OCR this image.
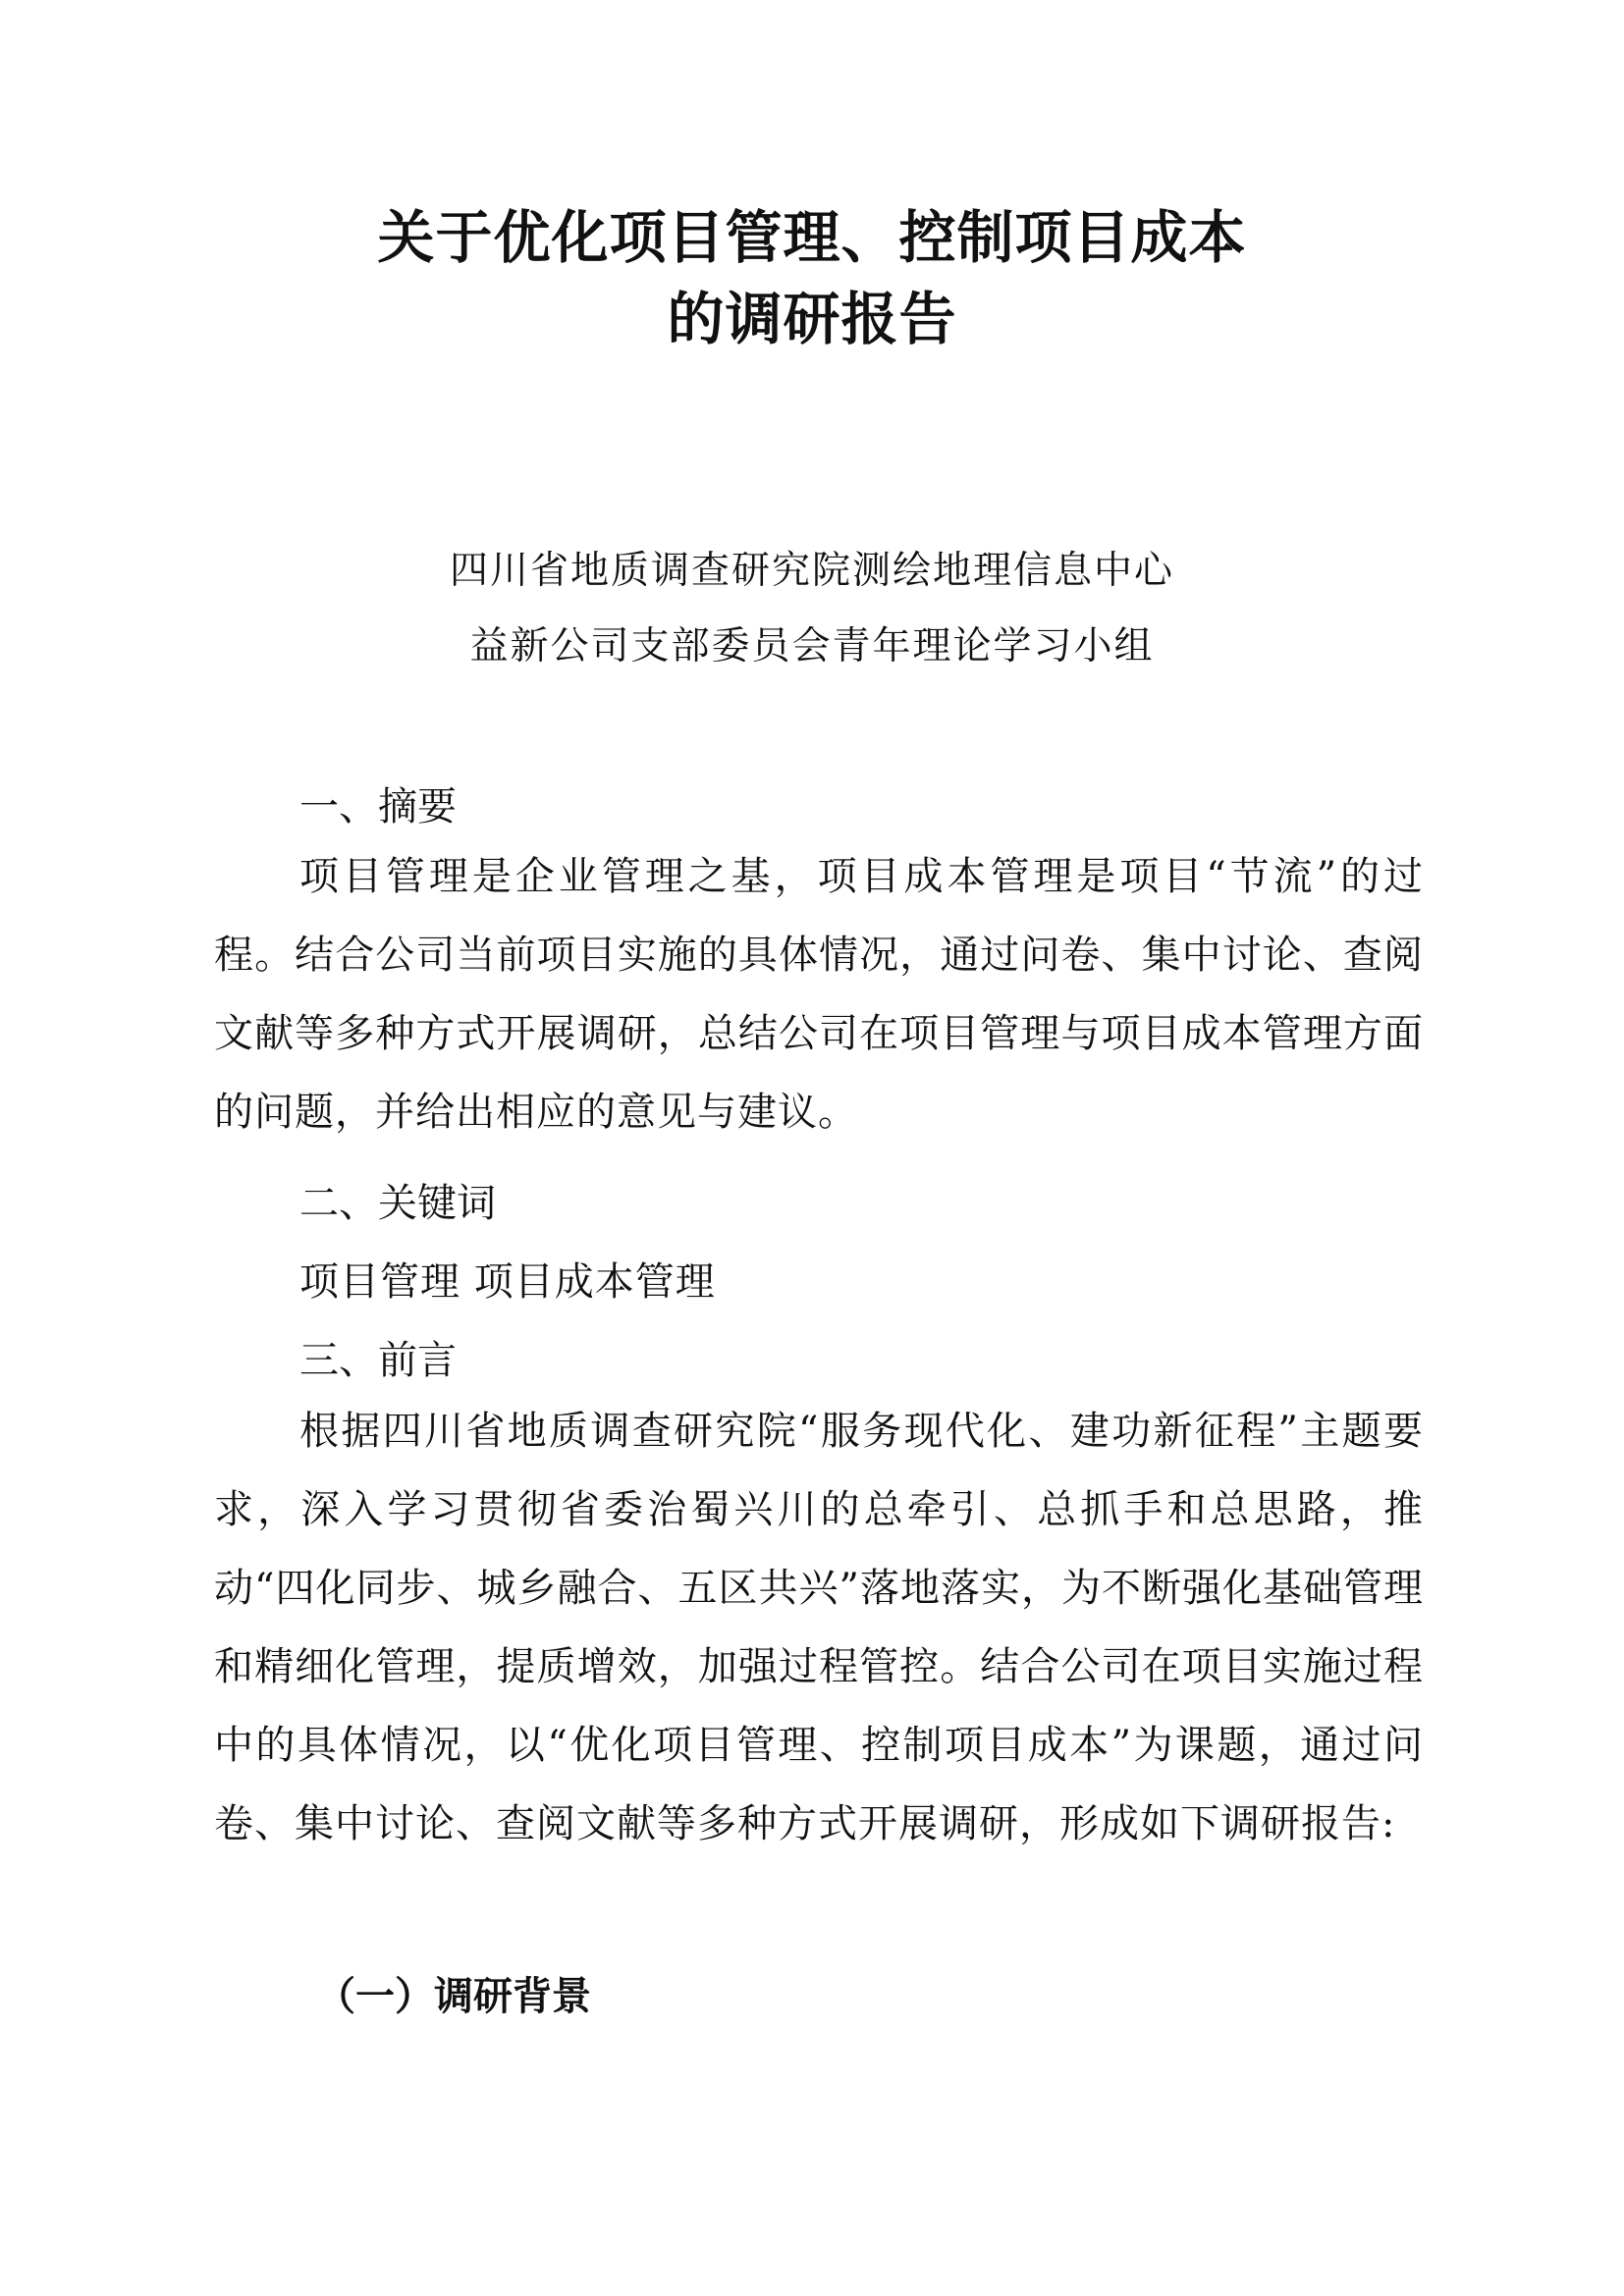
关于优化项目管理、控制项目成本
的调研报告
四川省地质调查研究院测绘地理信息中心
益新公司支部委员会青年理论学习小组
一、摘要
项目管理是企业管理之基，项目成本管理是项目“节流”的过程。结合公司当前项目实施的具体情况，通过问卷、集中讨论、查阅文献等多种方式开展调研，总结公司在项目管理与项目成本管理方面的问题，并给出相应的意见与建议。
二、关键词
项目管理 项目成本管理
三、前言
根据四川省地质调查研究院“服务现代化、建功新征程”主题要求，深入学习贯彻省委治蜀兴川的总牵引、总抓手和总思路，推动“四化同步、城乡融合、五区共兴”落地落实，为不断强化基础管理和精细化管理，提质增效，加强过程管控。结合公司在项目实施过程中的具体情况，以“优化项目管理、控制项目成本”为课题，通过问卷、集中讨论、查阅文献等多种方式开展调研，形成如下调研报告:
（一）调研背景
